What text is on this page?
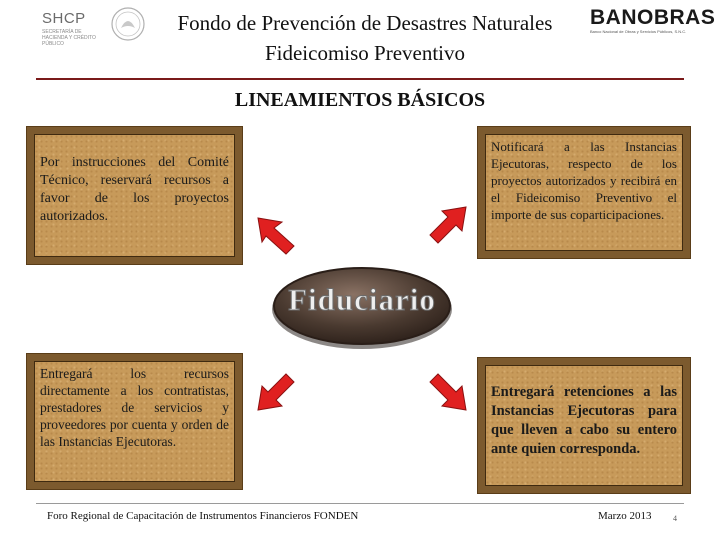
SHCP
SECRETARÍA DE HACIENDA Y CRÉDITO PÚBLICO
Fondo de Prevención de Desastres Naturales
Fideicomiso Preventivo
BANOBRAS
Banco Nacional de Obras y Servicios Públicos, S.N.C.
LINEAMIENTOS BÁSICOS

Por instrucciones del Comité Técnico, reservará recursos a favor de los proyectos autorizados.

Notificará a las Instancias Ejecutoras, respecto de los proyectos autorizados y recibirá en el Fideicomiso Preventivo el importe de sus coparticipaciones.

Entregará los recursos directamente a los contratistas, prestadores de servicios y proveedores por cuenta y orden de las Instancias Ejecutoras.

Entregará retenciones a las Instancias Ejecutoras para que lleven a cabo su entero ante quien corresponda.

Fiduciario
Foro Regional de Capacitación de Instrumentos Financieros FONDEN	Marzo 2013	4
